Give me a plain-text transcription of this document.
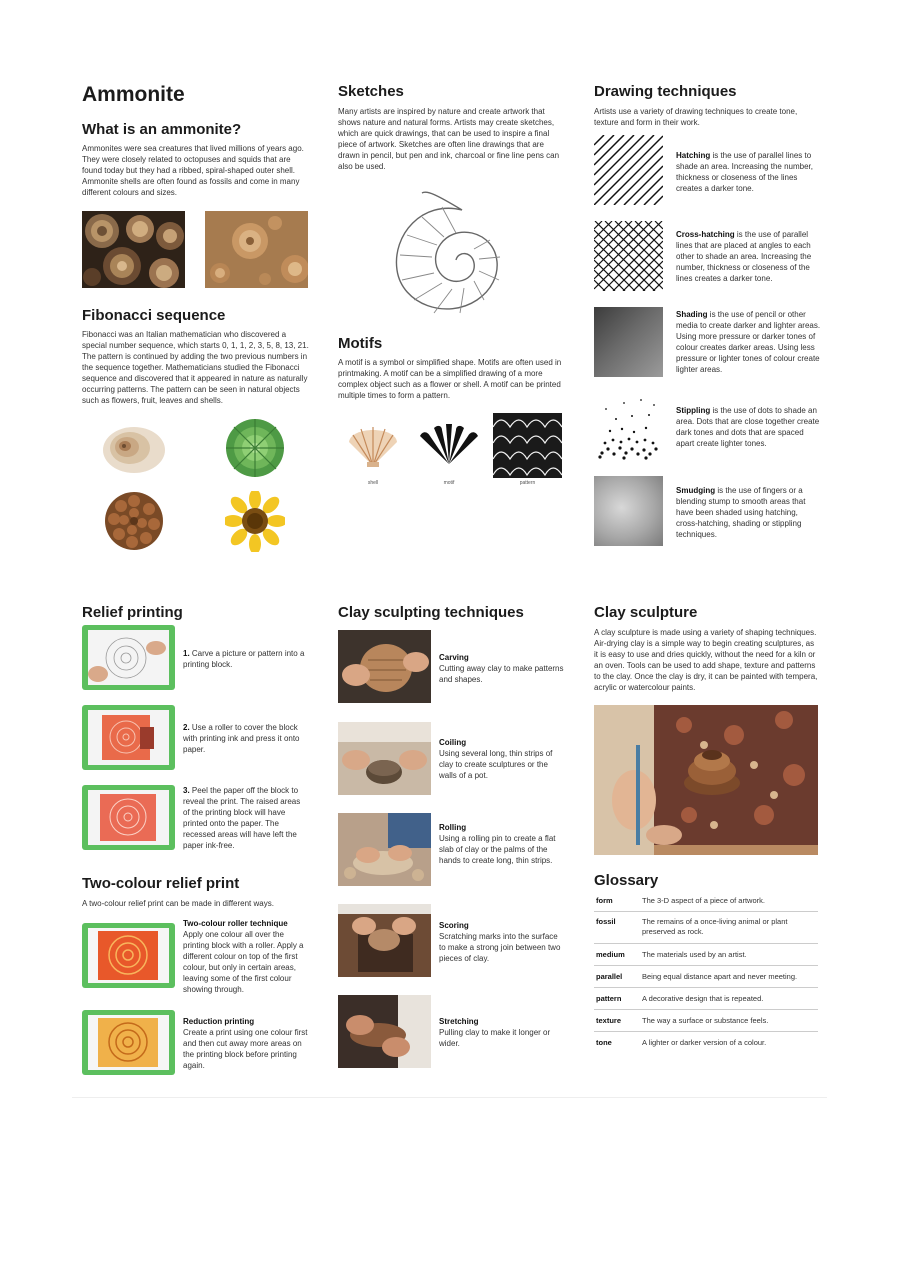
Ammonite
What is an ammonite?

Ammonites were sea creatures that lived millions of years ago. They were closely related to octopuses and squids that are found today but they had a ribbed, spiral-shaped outer shell. Ammonite shells are often found as fossils and come in many different colours and sizes.

Fibonacci sequence

Fibonacci was an Italian mathematician who discovered a special number sequence, which starts 0, 1, 1, 2, 3, 5, 8, 13, 21. The pattern is continued by adding the two previous numbers in the sequence together. Mathematicians studied the Fibonacci sequence and discovered that it appeared in nature as naturally occurring patterns. The pattern can be seen in natural objects such as flowers, fruit, leaves and shells.

Sketches

Many artists are inspired by nature and create artwork that shows nature and natural forms. Artists may create sketches, which are quick drawings, that can be used to inspire a final piece of artwork. Sketches are often line drawings that are drawn in pencil, but pen and ink, charcoal or fine line pens can also be used.

Motifs

A motif is a symbol or simplified shape. Motifs are often used in printmaking. A motif can be a simplified drawing of a more complex object such as a flower or shell. A motif can be printed multiple times to form a pattern.

shell	motif	pattern
Drawing techniques

Artists use a variety of drawing techniques to create tone, texture and form in their work.

Hatching is the use of parallel lines to shade an area. Increasing the number, thickness or closeness of the lines creates a darker tone.

Cross-hatching is the use of parallel lines that are placed at angles to each other to shade an area. Increasing the number, thickness or closeness of the lines creates a darker tone.

Shading is the use of pencil or other media to create darker and lighter areas. Using more pressure or darker tones of colour creates darker areas. Using less pressure or lighter tones of colour create lighter areas.

Stippling is the use of dots to shade an area. Dots that are close together create dark tones and dots that are spaced apart create lighter tones.

Smudging is the use of fingers or a blending stump to smooth areas that have been shaded using hatching, cross-hatching, shading or stippling techniques.

Relief printing

1. Carve a picture or pattern into a printing block.

2. Use a roller to cover the block with printing ink and press it onto paper.

3. Peel the paper off the block to reveal the print. The raised areas of the printing block will have printed onto the paper. The recessed areas will have left the paper ink-free.

Two-colour relief print

A two-colour relief print can be made in different ways.

Two-colour roller technique
Apply one colour all over the printing block with a roller. Apply a different colour on top of the first colour, but only in certain areas, leaving some of the first colour showing through.

Reduction printing
Create a print using one colour first and then cut away more areas on the printing block before printing again.

Clay sculpting techniques

Carving
Cutting away clay to make patterns and shapes.

Coiling
Using several long, thin strips of clay to create sculptures or the walls of a pot.

Rolling
Using a rolling pin to create a flat slab of clay or the palms of the hands to create long, thin strips.

Scoring
Scratching marks into the surface to make a strong join between two pieces of clay.

Stretching
Pulling clay to make it longer or wider.

Clay sculpture

A clay sculpture is made using a variety of shaping techniques. Air-drying clay is a simple way to begin creating sculptures, as it is easy to use and dries quickly, without the need for a kiln or an oven. Tools can be used to add shape, texture and patterns to the clay. Once the clay is dry, it can be painted with tempera, acrylic or watercolour paints.

Glossary
form	The 3-D aspect of a piece of artwork.
fossil	The remains of a once-living animal or plant preserved as rock.
medium The materials used by an artist.
parallel	Being equal distance apart and never meeting.
pattern	A decorative design that is repeated.
texture	The way a surface or substance feels.
tone	A lighter or darker version of a colour.
